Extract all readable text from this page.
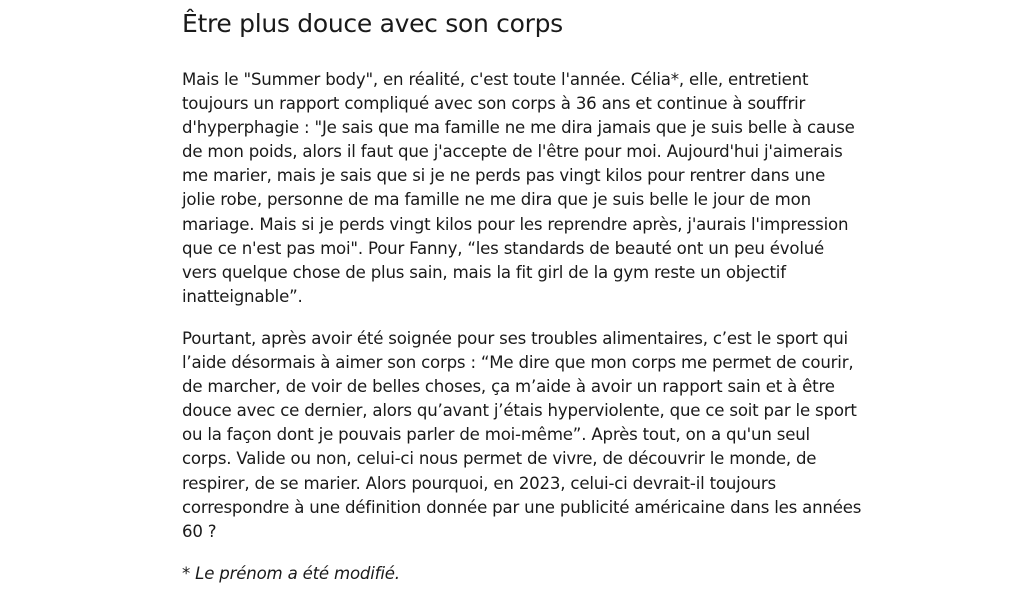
Être plus douce avec son corps

Mais le "Summer body", en réalité, c'est toute l'année. Célia*, elle, entretient toujours un rapport compliqué avec son corps à 36 ans et continue à souffrir d'hyperphagie : "Je sais que ma famille ne me dira jamais que je suis belle à cause de mon poids, alors il faut que j'accepte de l'être pour moi. Aujourd'hui j'aimerais me marier, mais je sais que si je ne perds pas vingt kilos pour rentrer dans une jolie robe, personne de ma famille ne me dira que je suis belle le jour de mon mariage. Mais si je perds vingt kilos pour les reprendre après, j'aurais l'impression que ce n'est pas moi". Pour Fanny, “les standards de beauté ont un peu évolué vers quelque chose de plus sain, mais la fit girl de la gym reste un objectif inatteignable”.

Pourtant, après avoir été soignée pour ses troubles alimentaires, c’est le sport qui l’aide désormais à aimer son corps : “Me dire que mon corps me permet de courir, de marcher, de voir de belles choses, ça m’aide à avoir un rapport sain et à être douce avec ce dernier, alors qu’avant j’étais hyperviolente, que ce soit par le sport ou la façon dont je pouvais parler de moi-même”. Après tout, on a qu'un seul corps. Valide ou non, celui-ci nous permet de vivre, de découvrir le monde, de respirer, de se marier. Alors pourquoi, en 2023, celui-ci devrait-il toujours correspondre à une définition donnée par une publicité américaine dans les années 60 ?

* Le prénom a été modifié.
